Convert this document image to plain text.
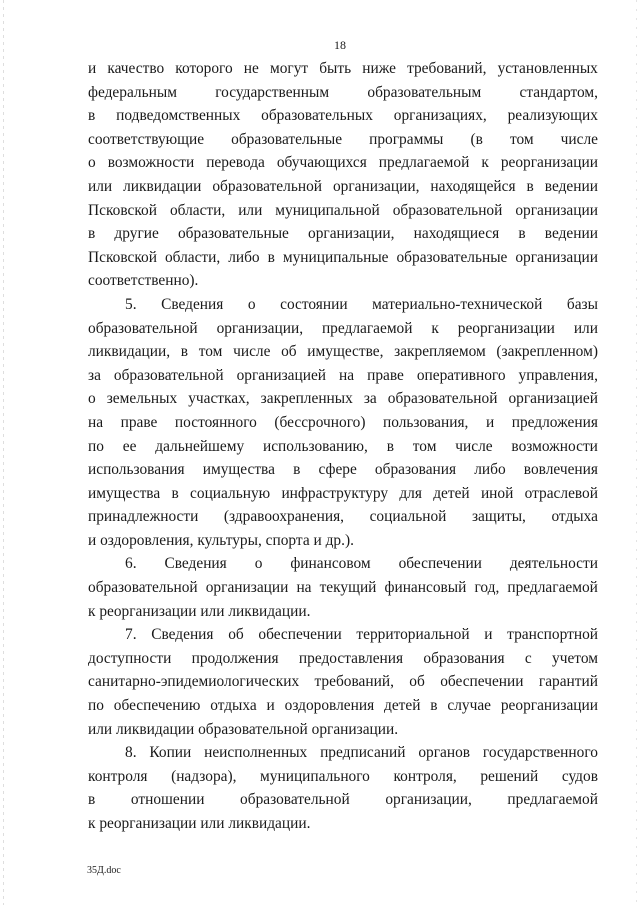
18
и качество которого не могут быть ниже требований, установленных
федеральным государственным образовательным стандартом,
в подведомственных образовательных организациях, реализующих
соответствующие образовательные программы (в том числе
о возможности перевода обучающихся предлагаемой к реорганизации
или ликвидации образовательной организации, находящейся в ведении
Псковской области, или муниципальной образовательной организации
в другие образовательные организации, находящиеся в ведении
Псковской области, либо в муниципальные образовательные организации
соответственно).
5. Сведения о состоянии материально-технической базы
образовательной организации, предлагаемой к реорганизации или
ликвидации, в том числе об имуществе, закрепляемом (закрепленном)
за образовательной организацией на праве оперативного управления,
о земельных участках, закрепленных за образовательной организацией
на праве постоянного (бессрочного) пользования, и предложения
по ее дальнейшему использованию, в том числе возможности
использования имущества в сфере образования либо вовлечения
имущества в социальную инфраструктуру для детей иной отраслевой
принадлежности (здравоохранения, социальной защиты, отдыха
и оздоровления, культуры, спорта и др.).
6. Сведения о финансовом обеспечении деятельности
образовательной организации на текущий финансовый год, предлагаемой
к реорганизации или ликвидации.
7. Сведения об обеспечении территориальной и транспортной
доступности продолжения предоставления образования с учетом
санитарно-эпидемиологических требований, об обеспечении гарантий
по обеспечению отдыха и оздоровления детей в случае реорганизации
или ликвидации образовательной организации.
8. Копии неисполненных предписаний органов государственного
контроля (надзора), муниципального контроля, решений судов
в отношении образовательной организации, предлагаемой
к реорганизации или ликвидации.
35Д.doc
